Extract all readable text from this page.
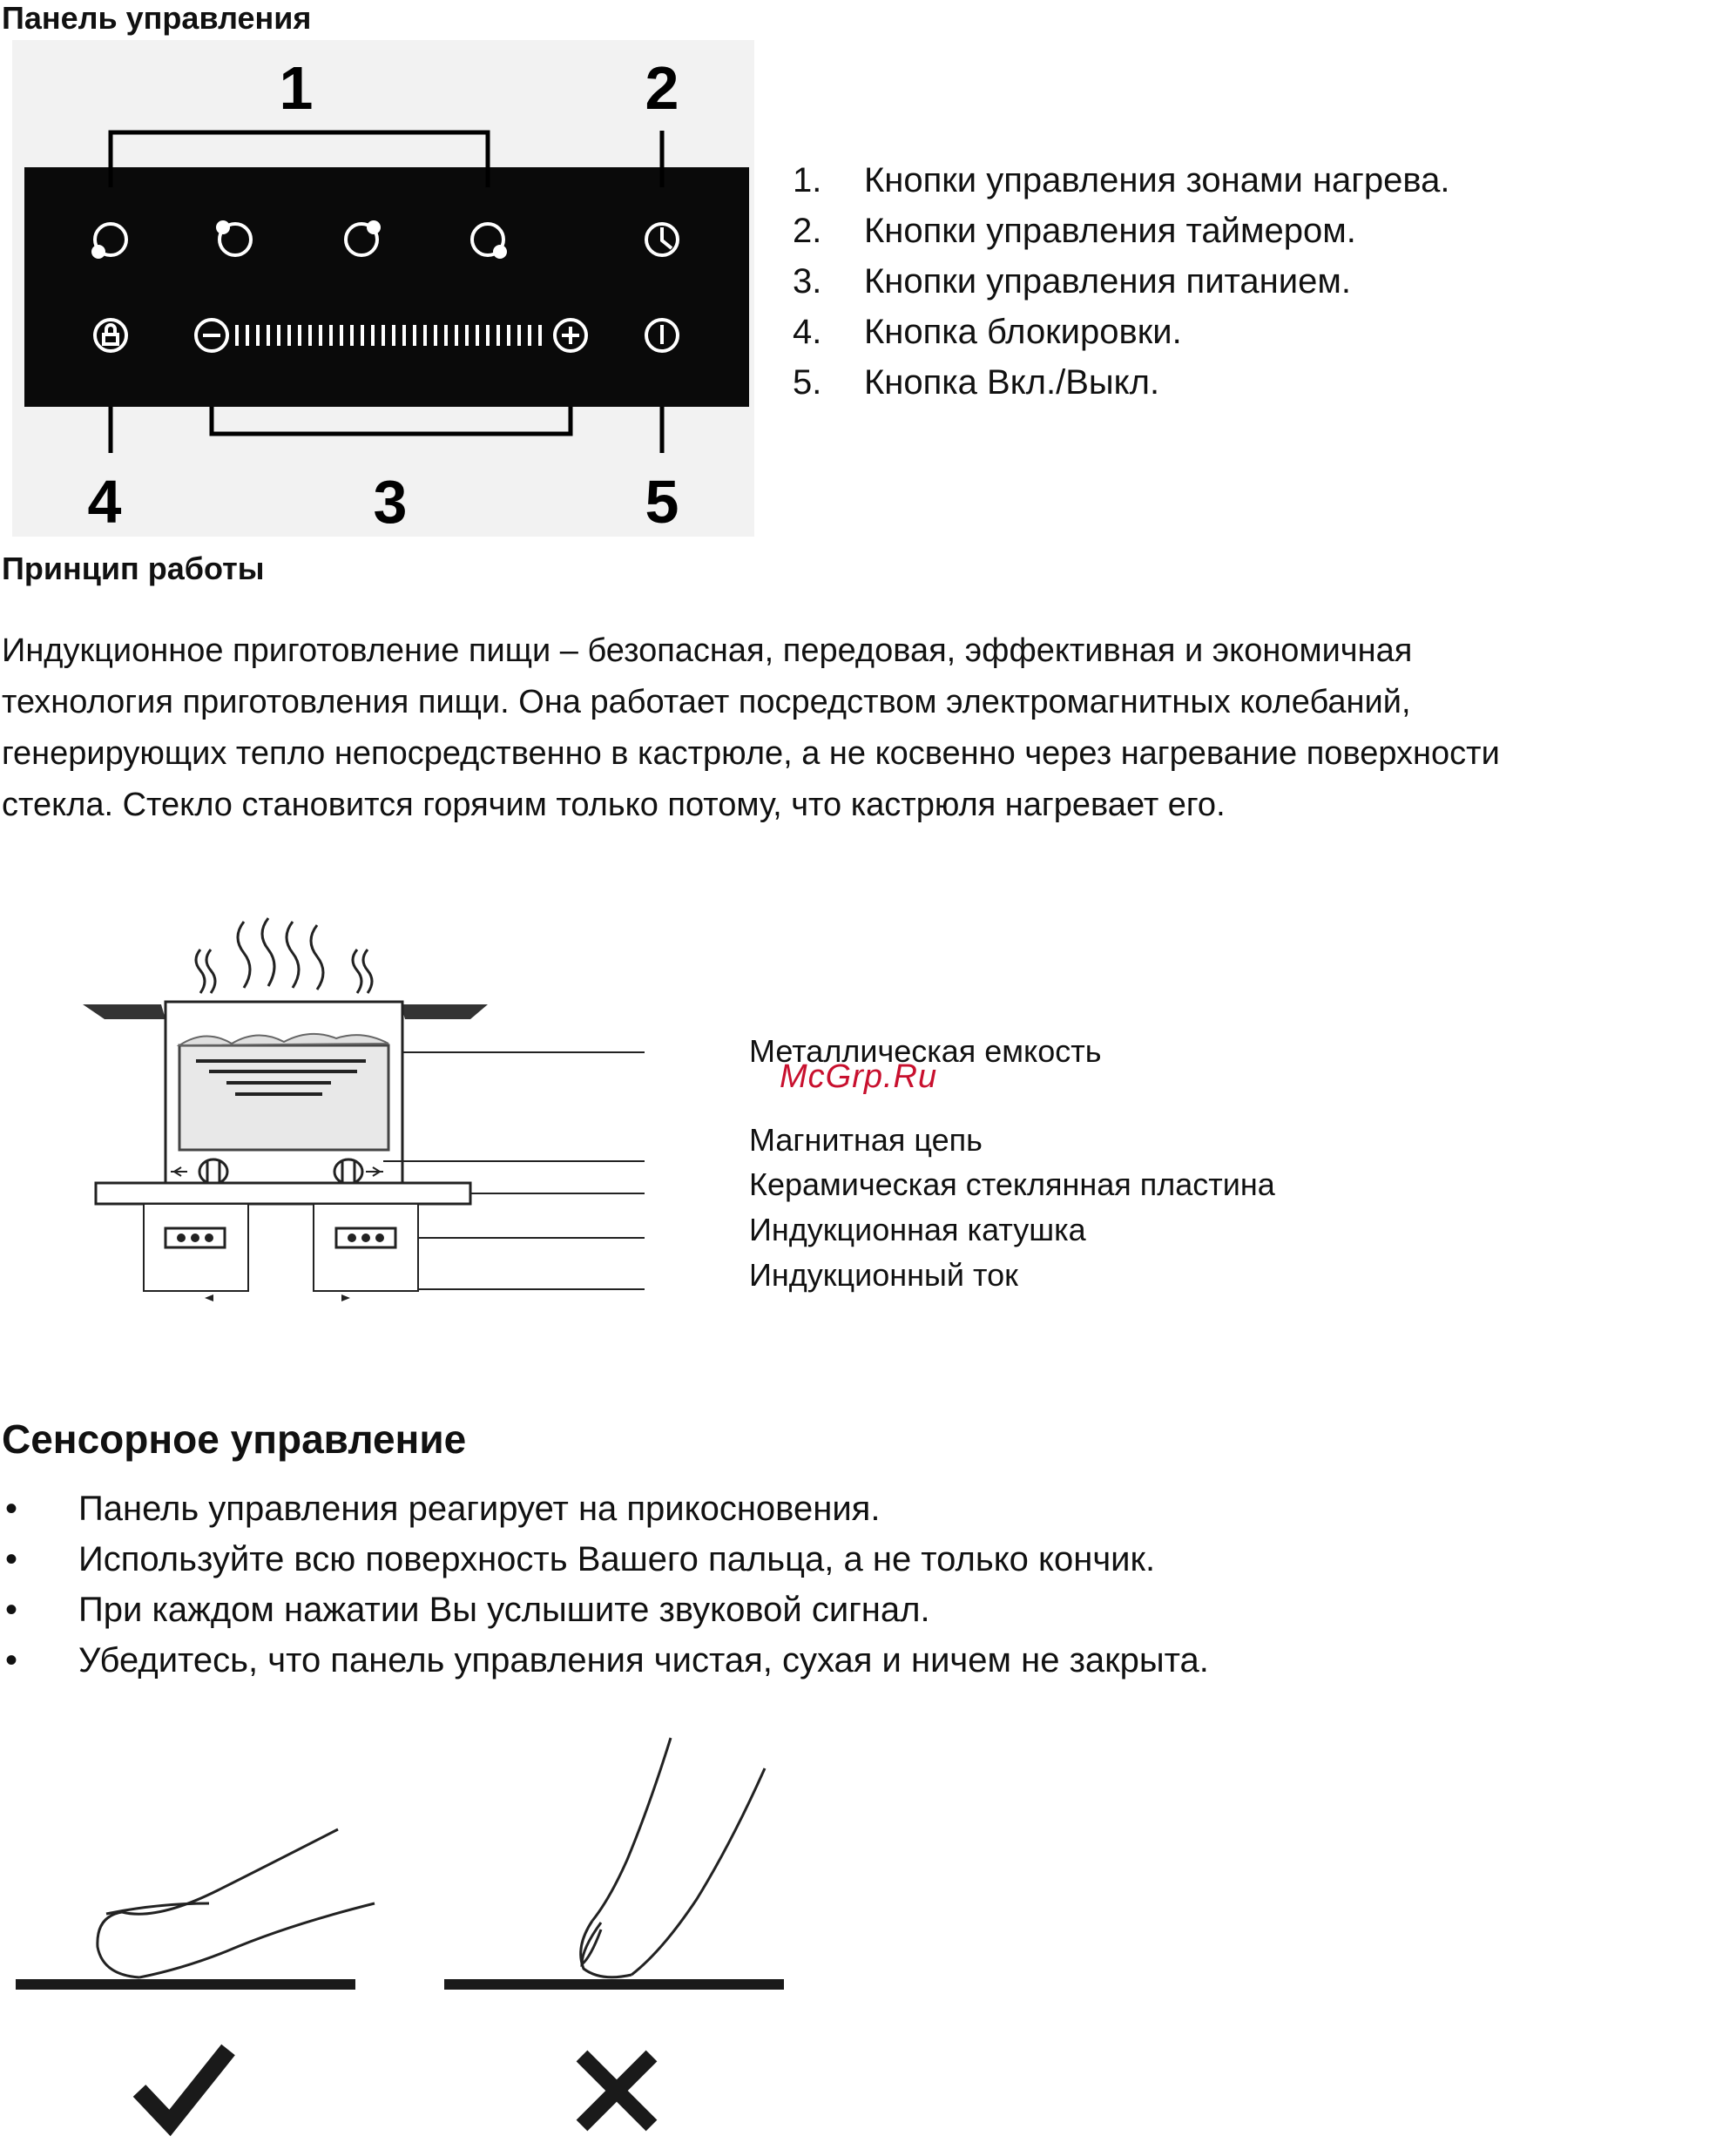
Панель управления
1	2
4	3	5
1. Кнопки управления зонами нагрева.
2. Кнопки управления таймером.
3. Кнопки управления питанием.
4. Кнопка блокировки.
5. Кнопка Вкл./Выкл.
Принцип работы
Индукционное приготовление пищи – безопасная, передовая, эффективная и экономичная
технология приготовления пищи. Она работает посредством электромагнитных колебаний,
генерирующих тепло непосредственно в кастрюле, а не косвенно через нагревание поверхности
стекла. Стекло становится горячим только потому, что кастрюля нагревает его.
Металлическая емкость
McGrp.Ru
Магнитная цепь
Керамическая стеклянная пластина
Индукционная катушка
Индукционный ток
Сенсорное управление
• Панель управления реагирует на прикосновения.
• Используйте всю поверхность Вашего пальца, а не только кончик.
• При каждом нажатии Вы услышите звуковой сигнал.
• Убедитесь, что панель управления чистая, сухая и ничем не закрыта.
